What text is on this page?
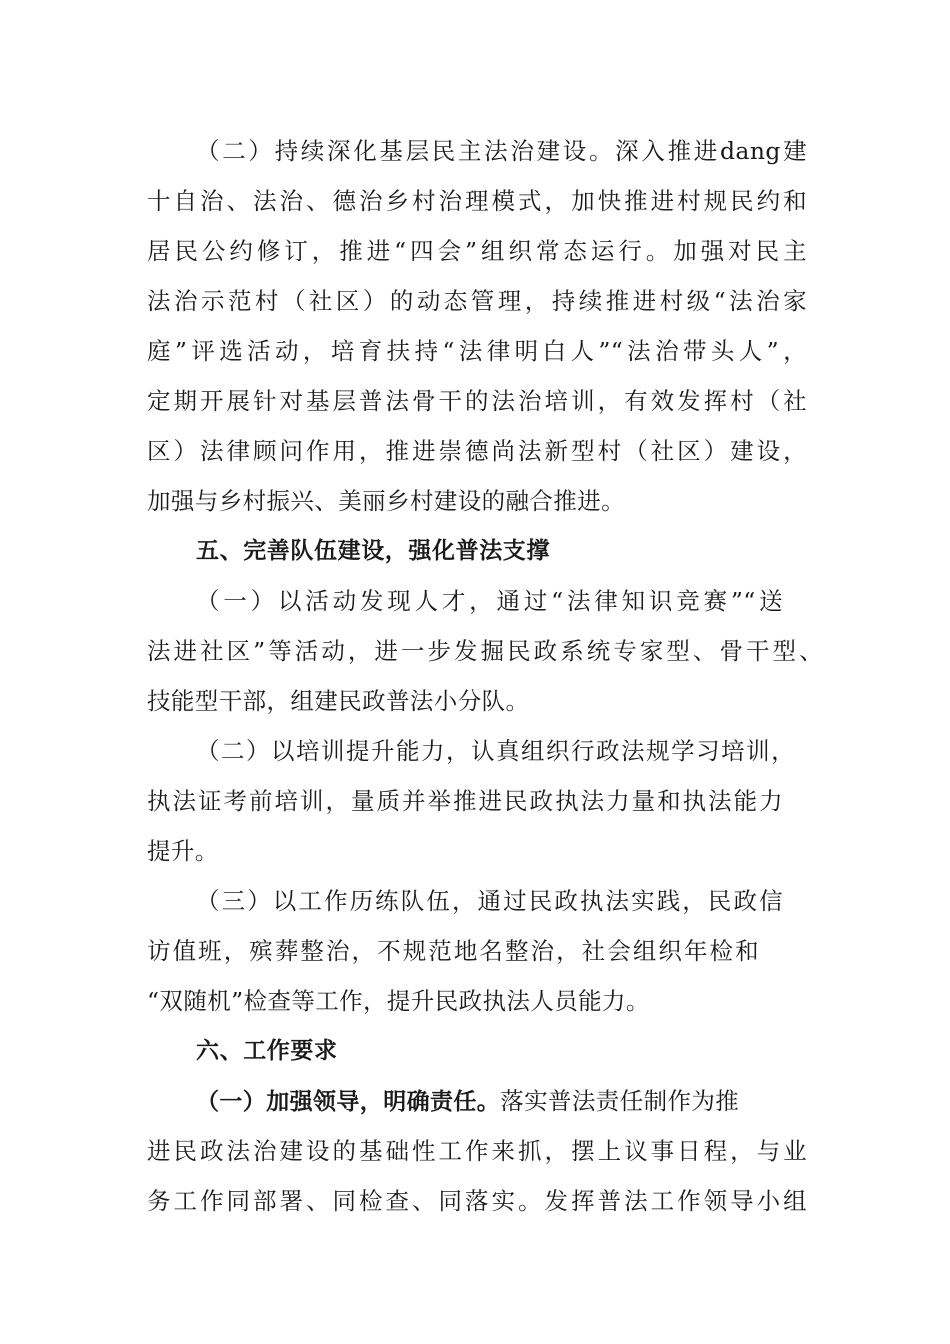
（二）持续深化基层民主法治建设。深入推进dang建
十自治、法治、德治乡村治理模式，加快推进村规民约和
居民公约修订，推进“四会”组织常态运行。加强对民主
法治示范村（社区）的动态管理，持续推进村级“法治家
庭”评选活动，培育扶持“法律明白人”“法治带头人”，
定期开展针对基层普法骨干的法治培训，有效发挥村（社
区）法律顾问作用，推进崇德尚法新型村（社区）建设，
加强与乡村振兴、美丽乡村建设的融合推进。
五、完善队伍建设，强化普法支撑
（一）以活动发现人才，通过“法律知识竞赛”“送
法进社区”等活动，进一步发掘民政系统专家型、骨干型、
技能型干部，组建民政普法小分队。
（二）以培训提升能力，认真组织行政法规学习培训，
执法证考前培训，量质并举推进民政执法力量和执法能力
提升。
（三）以工作历练队伍，通过民政执法实践，民政信
访值班，殡葬整治，不规范地名整治，社会组织年检和
“双随机”检查等工作，提升民政执法人员能力。
六、工作要求
（一）加强领导，明确责任。落实普法责任制作为推
进民政法治建设的基础性工作来抓，摆上议事日程，与业
务工作同部署、同检查、同落实。发挥普法工作领导小组
